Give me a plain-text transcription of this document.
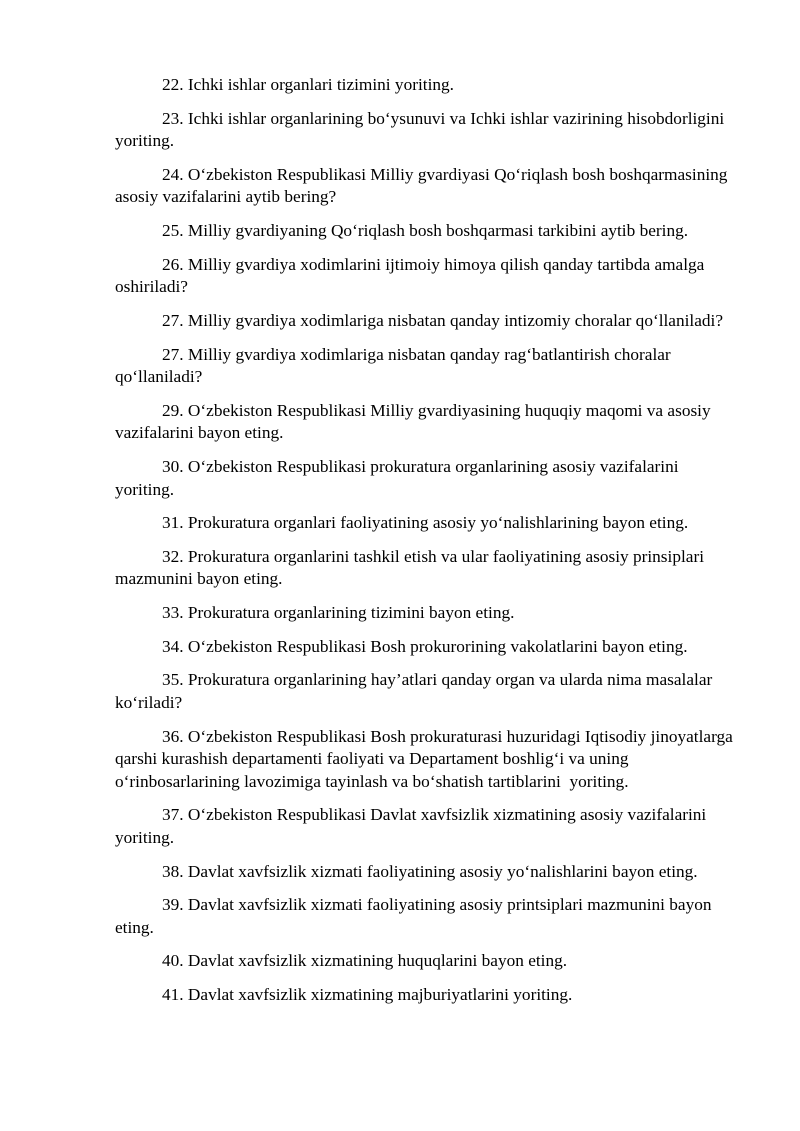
22. Ichki ishlar organlari tizimini yoriting.

23. Ichki ishlar organlarining bo‘ysunuvi va Ichki ishlar vazirining hisobdorligini yoriting.

24. O‘zbekiston Respublikasi Milliy gvardiyasi Qo‘riqlash bosh boshqarmasining asosiy vazifalarini aytib bering?

25. Milliy gvardiyaning Qo‘riqlash bosh boshqarmasi tarkibini aytib bering.

26. Milliy gvardiya xodimlarini ijtimoiy himoya qilish qanday tartibda amalga oshiriladi?

27. Milliy gvardiya xodimlariga nisbatan qanday intizomiy choralar qo‘llaniladi?

27. Milliy gvardiya xodimlariga nisbatan qanday rag‘batlantirish choralar qo‘llaniladi?

29. O‘zbekiston Respublikasi Milliy gvardiyasining huquqiy maqomi va asosiy vazifalarini bayon eting.

30. O‘zbekiston Respublikasi prokuratura organlarining asosiy vazifalarini yoriting.

31. Prokuratura organlari faoliyatining asosiy yo‘nalishlarining bayon eting.

32. Prokuratura organlarini tashkil etish va ular faoliyatining asosiy prinsiplari mazmunini bayon eting.

33. Prokuratura organlarining tizimini bayon eting.

34. O‘zbekiston Respublikasi Bosh prokurorining vakolatlarini bayon eting.

35. Prokuratura organlarining hay’atlari qanday organ va ularda nima masalalar ko‘riladi?

36. O‘zbekiston Respublikasi Bosh prokuraturasi huzuridagi Iqtisodiy jinoyatlarga qarshi kurashish departamenti faoliyati va Departament boshlig‘i va uning o‘rinbosarlarining lavozimiga tayinlash va bo‘shatish tartiblarini  yoriting.

37. O‘zbekiston Respublikasi Davlat xavfsizlik xizmatining asosiy vazifalarini yoriting.

38. Davlat xavfsizlik xizmati faoliyatining asosiy yo‘nalishlarini bayon eting.

39. Davlat xavfsizlik xizmati faoliyatining asosiy printsiplari mazmunini bayon eting.

40. Davlat xavfsizlik xizmatining huquqlarini bayon eting.

41. Davlat xavfsizlik xizmatining majburiyatlarini yoriting.
